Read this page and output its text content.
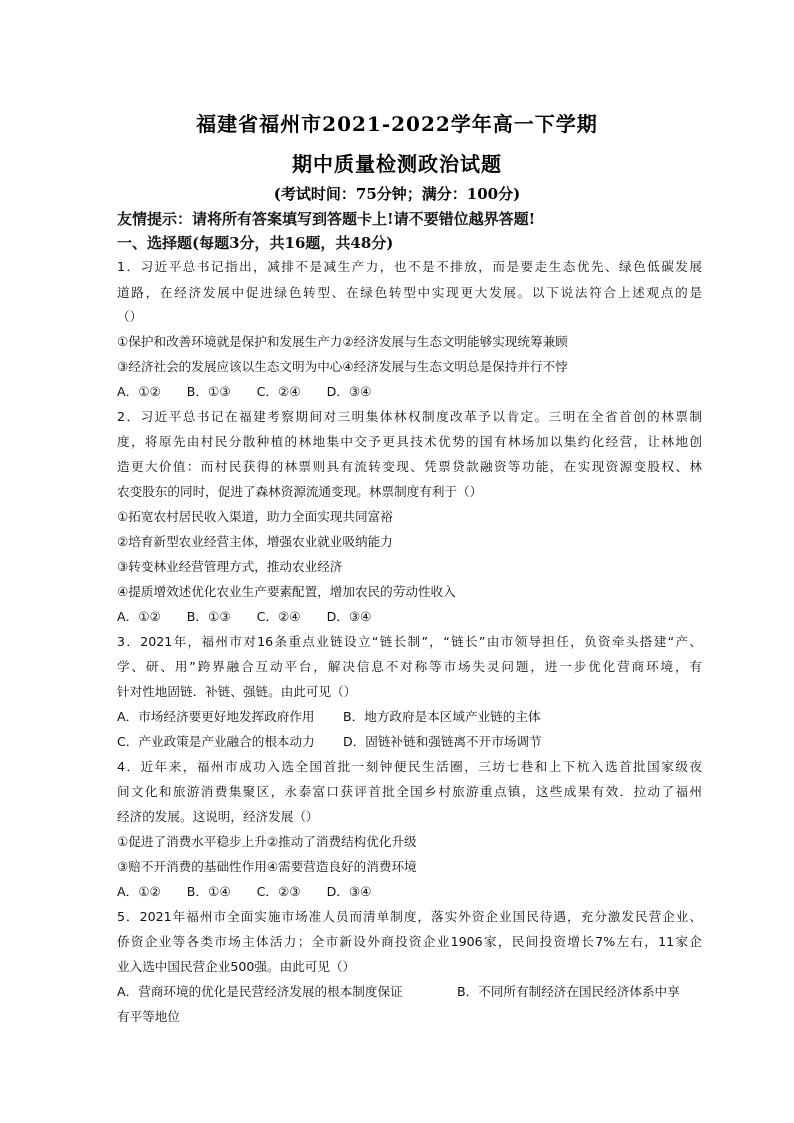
福建省福州市2021-2022学年高一下学期
期中质量检测政治试题
(考试时间：75分钟；满分：100分)
友情提示：请将所有答案填写到答题卡上!请不要错位越界答题!
一、选择题(每题3分，共16题，共48分)
1．习近平总书记指出，减排不是减生产力，也不是不排放，而是要走生态优先、绿色低碳发展
道路，在经济发展中促进绿色转型、在绿色转型中实现更大发展。以下说法符合上述观点的是
（）
①保护和改善环境就是保护和发展生产力②经济发展与生态文明能够实现统筹兼顾
③经济社会的发展应该以生态文明为中心④经济发展与生态文明总是保持并行不悖
A．①② B．①③ C．②④ D．③④
2．习近平总书记在福建考察期间对三明集体林权制度改革予以肯定。三明在全省首创的林票制
度，将原先由村民分散种植的林地集中交予更具技术优势的国有林场加以集约化经营，让林地创
造更大价值：而村民获得的林票则具有流转变现、凭票贷款融资等功能，在实现资源变股权、林
农变股东的同时，促进了森林资源流通变现。林票制度有利于（）
①拓宽农村居民收入渠道，助力全面实现共同富裕
②培育新型农业经营主体，增强农业就业吸纳能力
③转变林业经营管理方式，推动农业经济
④提质增效述优化农业生产要素配置，增加农民的劳动性收入
A．①② B．①③ C．②④ D．③④
3．2021年，福州市对16条重点业链设立“链长制”，“链长”由市领导担任，负资牵头搭建“产、
学、研、用”跨界融合互动平台，解决信息不对称等市场失灵问题，进一步优化营商环境，有
针对性地固链．补链、强链。由此可见（）
A．市场经济要更好地发挥政府作用 B．地方政府是本区域产业链的主体
C．产业政策是产业融合的根本动力 D．固链补链和强链离不开市场调节
4．近年来，福州市成功入选全国首批一刻钟便民生活圈，三坊七巷和上下杭入选首批国家级夜
间文化和旅游消费集聚区，永泰富口获评首批全国乡村旅游重点镇，这些成果有效．拉动了福州
经济的发展。这说明，经济发展（）
①促进了消费水平稳步上升②推动了消费结构优化升级
③赔不开消费的基础性作用④需要营造良好的消费环境
A．①② B．①④ C．②③ D．③④
5．2021年福州市全面实施市场准人员而清单制度，落实外资企业国民待遇，充分激发民营企业、
侨资企业等各类市场主体活力；全市新设外商投资企业1906家，民间投资增长7%左右，11家企
业入选中国民营企业500强。由此可见（）
A．营商环境的优化是民营经济发展的根本制度保证	B．不同所有制经济在国民经济体系中享
有平等地位
